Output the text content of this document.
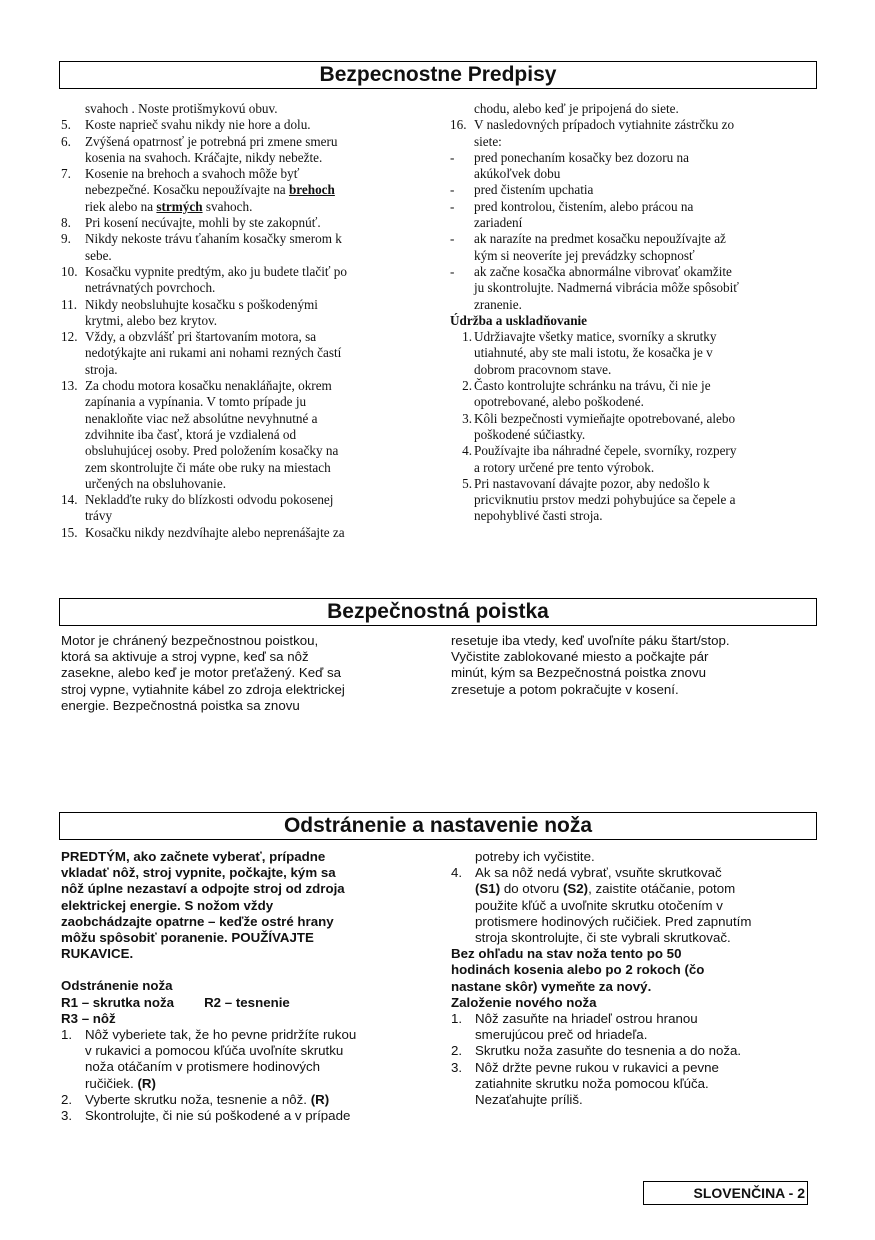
Bezpecnostne Predpisy
svahoch . Noste protišmykovú obuv.
5.	Koste naprieč svahu nikdy nie hore a dolu.
6.	Zvýšená opatrnosť je potrebná pri zmene smeru
kosenia na svahoch. Kráčajte, nikdy nebežte.
7.	Kosenie na brehoch a svahoch môže byť
nebezpečné. Kosačku nepoužívajte na brehoch
riek alebo na strmých svahoch.
8.	Pri kosení necúvajte, mohli by ste zakopnúť.
9.	Nikdy nekoste trávu ťahaním kosačky smerom k
sebe.
10. Kosačku vypnite predtým, ako ju budete tlačiť po
netrávnatých povrchoch.
11. Nikdy neobsluhujte kosačku s poškodenými
krytmi, alebo bez krytov.
12. Vždy, a obzvlášť pri štartovaním motora, sa
nedotýkajte ani rukami ani nohami rezných častí
stroja.
13. Za chodu motora kosačku nenakláňajte, okrem
zapínania a vypínania. V tomto prípade ju
nenakloňte viac než absolútne nevyhnutné a
zdvihnite iba časť, ktorá je vzdialená od
obsluhujúcej osoby. Pred položením kosačky na
zem skontrolujte či máte obe ruky na miestach
určených na obsluhovanie.
14. Nekladďte ruky do blízkosti odvodu pokosenej
trávy
15. Kosačku nikdy nezdvíhajte alebo neprenášajte za
chodu, alebo keď je pripojená do siete.
16. V nasledovných prípadoch vytiahnite zástrčku zo
siete:
- pred ponechaním kosačky bez dozoru na
akúkoľvek dobu
- pred čistením upchatia
- pred kontrolou, čistením, alebo prácou na
zariadení
- ak narazíte na predmet kosačku nepoužívajte až
kým si neoveríte jej prevádzky schopnosť
- ak začne kosačka abnormálne vibrovať okamžite
ju skontrolujte. Nadmerná vibrácia môže spôsobiť
zranenie.
Údržba a uskladňovanie
1. Udržiavajte všetky matice, svorníky a skrutky
utiahnuté, aby ste mali istotu, že kosačka je v
dobrom pracovnom stave.
2. Často kontrolujte schránku na trávu, či nie je
opotrebované, alebo poškodené.
3. Kôli bezpečnosti vymieňajte opotrebované, alebo
poškodené súčiastky.
4. Používajte iba náhradné čepele, svorníky, rozpery
a rotory určené pre tento výrobok.
5. Pri nastavovaní dávajte pozor, aby nedošlo k
pricviknutiu prstov medzi pohybujúce sa čepele a
nepohyblivé časti stroja.
Bezpečnostná poistka
Motor je chránený bezpečnostnou poistkou,
ktorá sa aktivuje a stroj vypne, keď sa nôž
zasekne, alebo keď je motor preťažený. Keď sa
stroj vypne, vytiahnite kábel zo zdroja elektrickej
energie. Bezpečnostná poistka sa znovu
resetuje iba vtedy, keď uvoľníte páku štart/stop.
Vyčistite zablokované miesto a počkajte pár
minút, kým sa Bezpečnostná poistka znovu
zresetuje a potom pokračujte v kosení.
Odstránenie a nastavenie noža
PREDTÝM, ako začnete vyberať, prípadne
vkladať nôž, stroj vypnite, počkajte, kým sa
nôž úplne nezastaví a odpojte stroj od zdroja
elektrickej energie. S nožom vždy
zaobchádzajte opatrne – keďže ostré hrany
môžu spôsobiť poranenie. POUŽÍVAJTE
RUKAVICE.
Odstránenie noža
R1 – skrutka noža R2 – tesnenie
R3 – nôž
1. Nôž vyberiete tak, že ho pevne pridržíte rukou
v rukavici a pomocou kľúča uvoľníte skrutku
noža otáčaním v protismere hodinových
ručičiek. (R)
2. Vyberte skrutku noža, tesnenie a nôž. (R)
3. Skontrolujte, či nie sú poškodené a v prípade
potreby ich vyčistite.
4. Ak sa nôž nedá vybrať, vsuňte skrutkovač
(S1) do otvoru (S2), zaistite otáčanie, potom
použite kľúč a uvoľnite skrutku otočením v
protismere hodinových ručičiek. Pred zapnutím
stroja skontrolujte, či ste vybrali skrutkovač.
Bez ohľadu na stav noža tento po 50
hodinách kosenia alebo po 2 rokoch (čo
nastane skôr) vymeňte za nový.
Založenie nového noža
1. Nôž zasuňte na hriadeľ ostrou hranou
smerujúcou preč od hriadeľa.
2. Skrutku noža zasuňte do tesnenia a do noža.
3. Nôž držte pevne rukou v rukavici a pevne
zatiahnite skrutku noža pomocou kľúča.
Nezaťahujte príliš.
SLOVENČINA - 2
